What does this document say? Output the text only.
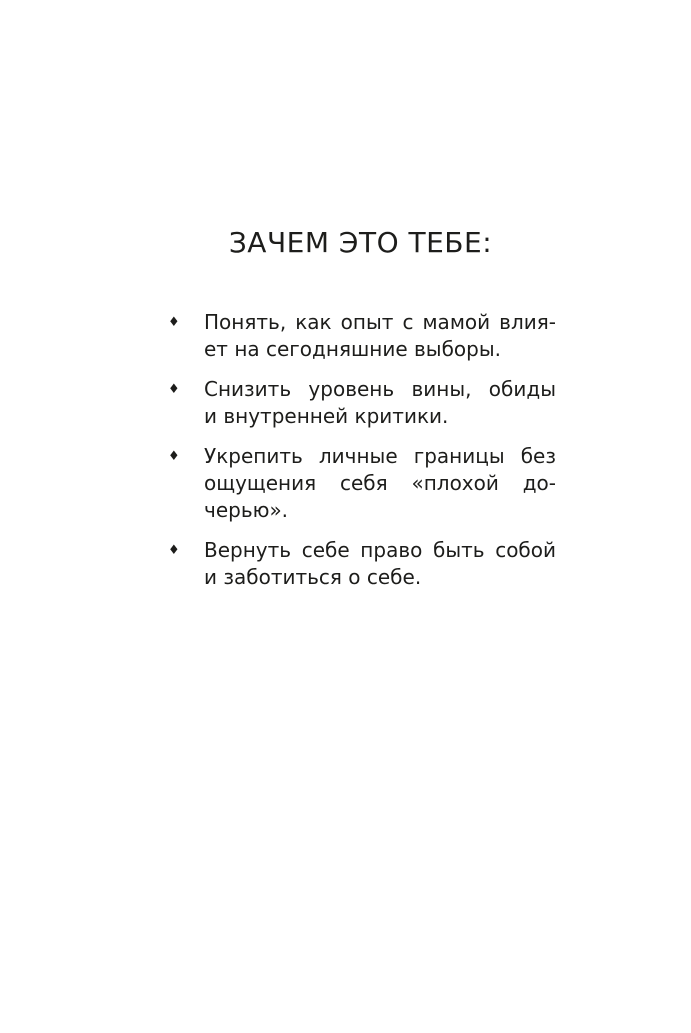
ЗАЧЕМ ЭТО ТЕБЕ:
♦ Понять, как опыт с мамой влия-
ет на сегодняшние выборы.
♦ Снизить уровень вины, обиды
и внутренней критики.
♦ Укрепить личные границы без
ощущения себя «плохой до-
черью».
♦ Вернуть себе право быть собой
и заботиться о себе.
